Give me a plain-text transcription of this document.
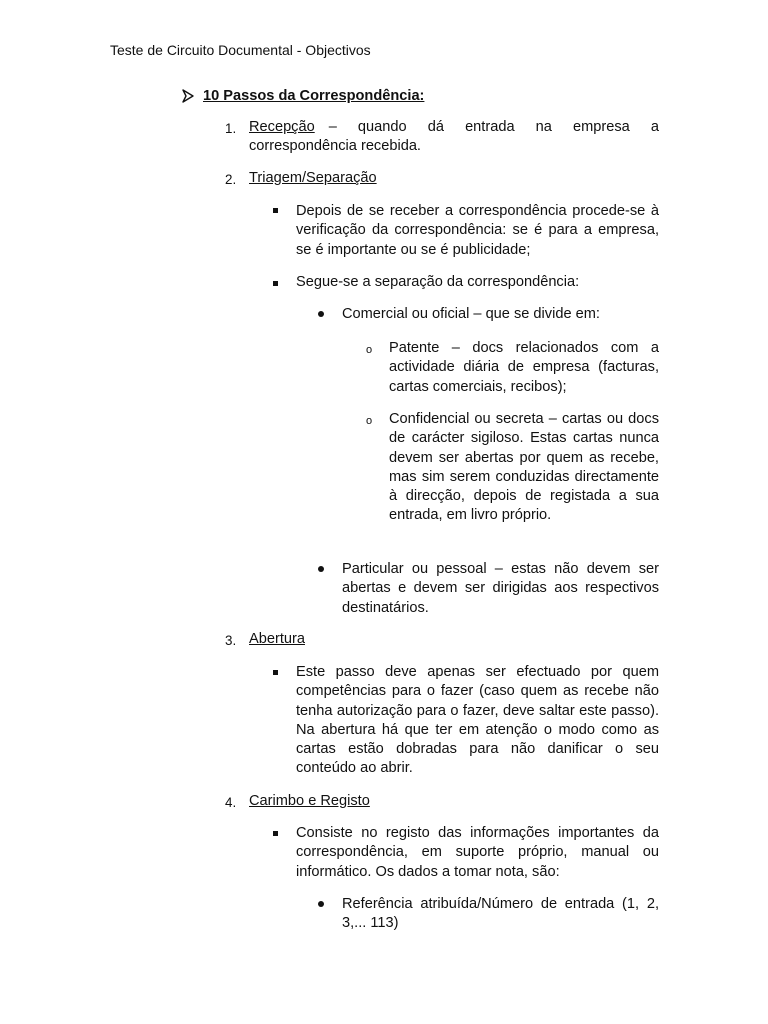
Teste de Circuito Documental - Objectivos
10 Passos da Correspondência:
1. Recepção – quando dá entrada na empresa a
correspondência recebida.
2. Triagem/Separação
Depois de se receber a correspondência procede-se à verificação da correspondência: se é para a empresa, se é importante ou se é publicidade;
Segue-se a separação da correspondência:
Comercial ou oficial – que se divide em:
o Patente – docs relacionados com a actividade diária de empresa (facturas, cartas comerciais, recibos);
o Confidencial ou secreta – cartas ou docs de carácter sigiloso. Estas cartas nunca devem ser abertas por quem as recebe, mas sim serem conduzidas directamente à direcção, depois de registada a sua entrada, em livro próprio.
Particular ou pessoal – estas não devem ser abertas e devem ser dirigidas aos respectivos destinatários.
3. Abertura
Este passo deve apenas ser efectuado por quem competências para o fazer (caso quem as recebe não tenha autorização para o fazer, deve saltar este passo). Na abertura há que ter em atenção o modo como as cartas estão dobradas para não danificar o seu conteúdo ao abrir.
4. Carimbo e Registo
Consiste no registo das informações importantes da correspondência, em suporte próprio, manual ou informático. Os dados a tomar nota, são:
Referência atribuída/Número de entrada (1, 2, 3,... 113)
